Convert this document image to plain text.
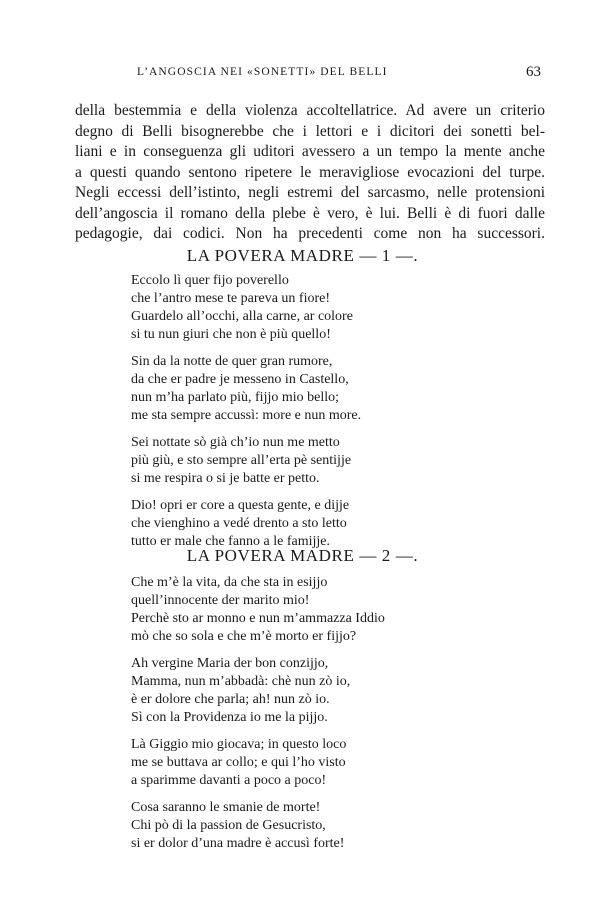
L’ANGOSCIA NEI «SONETTI» DEL BELLI	63
della bestemmia e della violenza accoltellatrice. Ad avere un criterio
degno di Belli bisognerebbe che i lettori e i dicitori dei sonetti bel-
liani e in conseguenza gli uditori avessero a un tempo la mente anche
a questi quando sentono ripetere le meravigliose evocazioni del turpe.
Negli eccessi dell’istinto, negli estremi del sarcasmo, nelle protensioni
dell’angoscia il romano della plebe è vero, è lui. Belli è di fuori dalle
pedagogie, dai codici. Non ha precedenti come non ha successori.
LA POVERA MADRE — 1 —.
Eccolo lì quer fijo poverello
che l’antro mese te pareva un fiore!
Guardelo all’occhi, alla carne, ar colore
si tu nun giuri che non è più quello!
Sin da la notte de quer gran rumore,
da che er padre je messeno in Castello,
nun m’ha parlato più, fijjo mio bello;
me sta sempre accussì: more e nun more.
Sei nottate sò già ch’io nun me metto
più giù, e sto sempre all’erta pè sentijje
si me respira o si je batte er petto.
Dio! opri er core a questa gente, e dijje
che vienghino a vedé drento a sto letto
tutto er male che fanno a le famijje.
LA POVERA MADRE — 2 —.
Che m’è la vita, da che sta in esijjo
quell’innocente der marito mio!
Perchè sto ar monno e nun m’ammazza Iddio
mò che so sola e che m’è morto er fijjo?
Ah vergine Maria der bon conzijjo,
Mamma, nun m’abbadà: chè nun zò io,
è er dolore che parla; ah! nun zò io.
Sì con la Providenza io me la pijjo.
Là Giggio mio giocava; in questo loco
me se buttava ar collo; e qui l’ho visto
a sparimme davanti a poco a poco!
Cosa saranno le smanie de morte!
Chi pò di la passion de Gesucristo,
si er dolor d’una madre è accusì forte!
